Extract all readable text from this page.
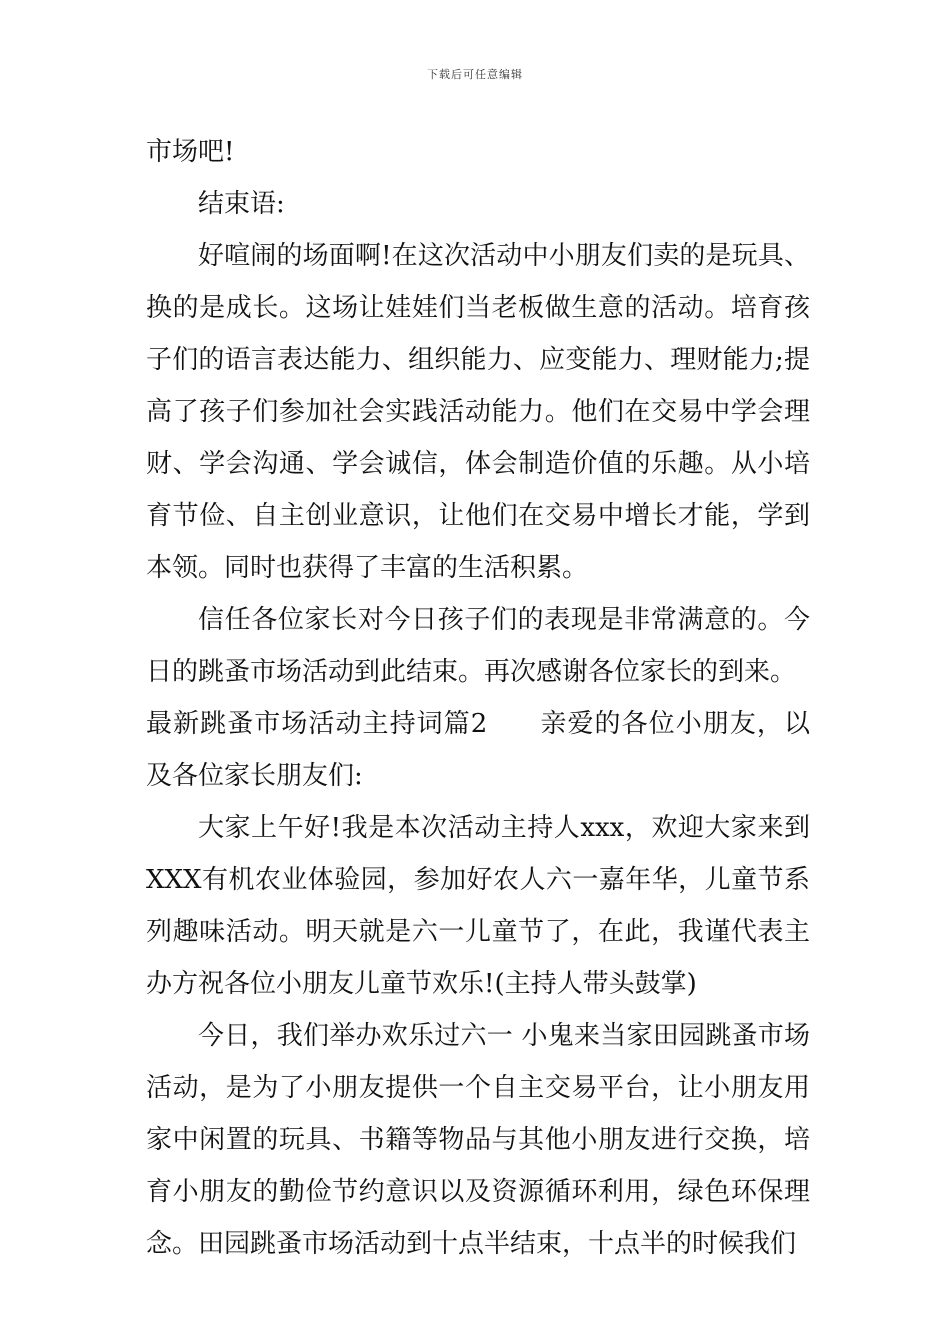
下载后可任意编辑

市场吧!

结束语:

好喧闹的场面啊!在这次活动中小朋友们卖的是玩具、换的是成长。这场让娃娃们当老板做生意的活动。培育孩子们的语言表达能力、组织能力、应变能力、理财能力;提高了孩子们参加社会实践活动能力。他们在交易中学会理财、学会沟通、学会诚信，体会制造价值的乐趣。从小培育节俭、自主创业意识，让他们在交易中增长才能，学到本领。同时也获得了丰富的生活积累。

信任各位家长对今日孩子们的表现是非常满意的。今日的跳蚤市场活动到此结束。再次感谢各位家长的到来。

最新跳蚤市场活动主持词篇2 亲爱的各位小朋友，以及各位家长朋友们:

大家上午好!我是本次活动主持人xxx，欢迎大家来到XXX有机农业体验园，参加好农人六一嘉年华，儿童节系列趣味活动。明天就是六一儿童节了，在此，我谨代表主办方祝各位小朋友儿童节欢乐!(主持人带头鼓掌)

今日，我们举办欢乐过六一 小鬼来当家田园跳蚤市场活动，是为了小朋友提供一个自主交易平台，让小朋友用家中闲置的玩具、书籍等物品与其他小朋友进行交换，培育小朋友的勤俭节约意识以及资源循环利用，绿色环保理念。田园跳蚤市场活动到十点半结束，十点半的时候我们
